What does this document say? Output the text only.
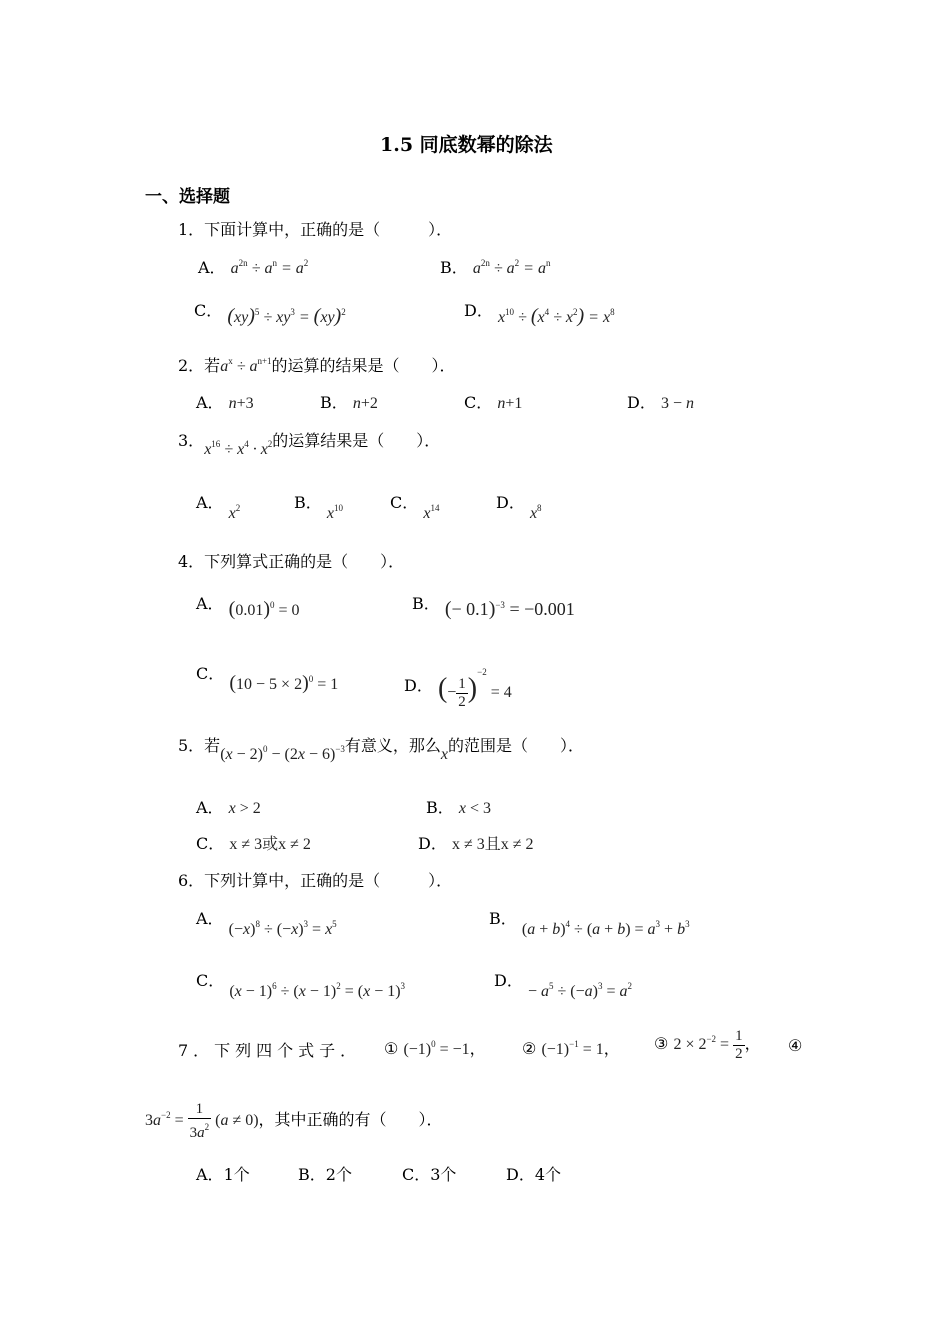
1.5 同底数幂的除法
一、选择题
1．下面计算中，正确的是（　　　）．
A． $a^{2n} \div a^n = a^2$	B． $a^{2n} \div a^2 = a^n$
C． $(xy)^5 \div xy^3 = (xy)^2$	D． $x^{10} \div (x^4 \div x^2) = x^8$
2．若$a^x \div a^{n+1}$的运算的结果是（　　）．
A． n+3	B． n+2	C． n+1	D． 3 − n
3．$x^{16} \div x^4 \cdot x^2$的运算结果是（　　）．
A． $x^2$	B． $x^{10}$	C． $x^{14}$	D． $x^8$
4．下列算式正确的是（　　）．
A． $(0.01)^0 = 0$	B． (− 0.1)$^{-3}$ = −0.001
C． $(10 - 5 \times 2)^0 = 1$	D． (− $\frac{1}{2} )^{-2} = 4$
5．若$(x - 2)^0 - (2x - 6)^{-3}$有意义，那么x的范围是（　　）．
A． x > 2	B． x < 3
C． x ≠ 3或x ≠ 2	D． x ≠ 3且x ≠ 2
6．下列计算中，正确的是（　　　）．
A． $(-x)^8 \div (-x)^3 = x^5$	B． $(a + b)^4 \div (a + b) = a^3 + b^3$
C． $(x - 1)^6 \div (x - 1)^2 = (x - 1)^3$	D． − $a^5 \div (-a)^3 = a^2$
7．下列四个式子． ① $(-1)^0 = -1$， ② $(-1)^{-1} = 1$， ③ $2 \times 2^{-2} = \frac{1}{2}$ ， ④
$3a^{-2} = \frac{1}{3a^2} (a \ne 0)$，其中正确的有（　　）．
A．1个	B．2个	C．3个	D．4个
